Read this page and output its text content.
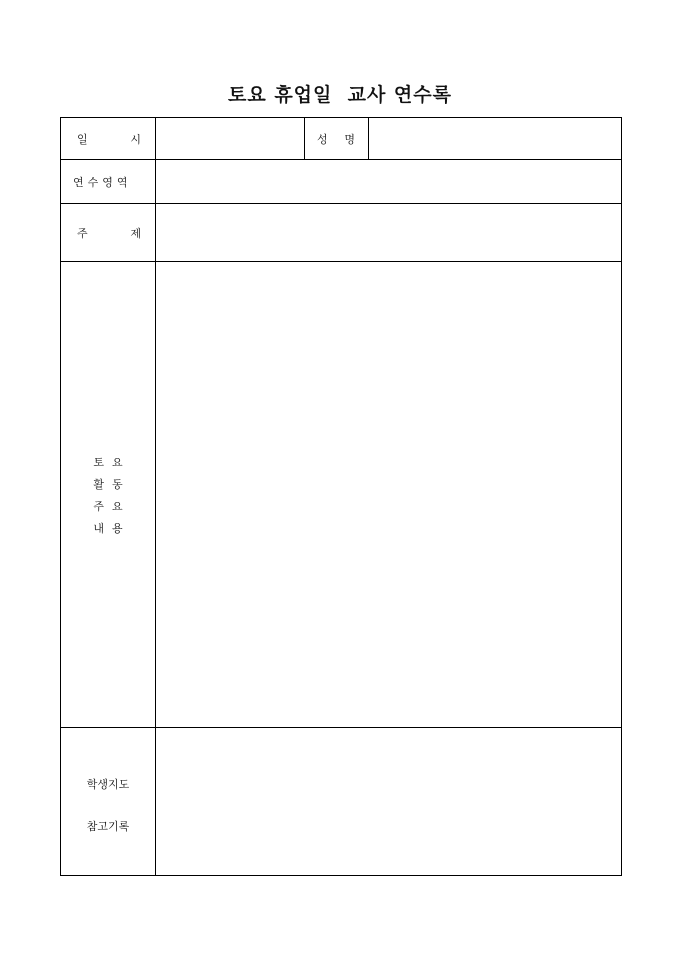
토요 휴업일  교사 연수록
일 시		성 명	

연수영역			

주 제			

토요
활동
주요
내용			

학생지도
참고기록			
